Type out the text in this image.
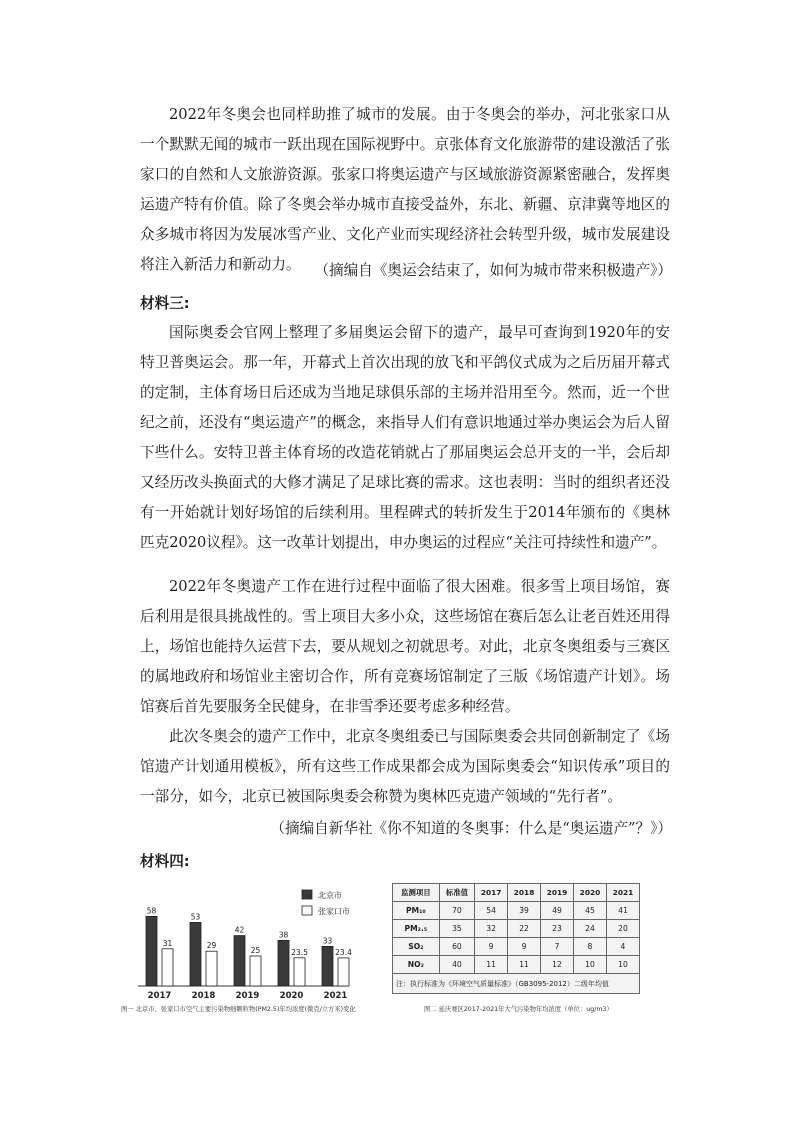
2022年冬奥会也同样助推了城市的发展。由于冬奥会的举办，河北张家口从一个默默无闻的城市一跃出现在国际视野中。京张体育文化旅游带的建设激活了张家口的自然和人文旅游资源。张家口将奥运遗产与区域旅游资源紧密融合，发挥奥运遗产特有价值。除了冬奥会举办城市直接受益外，东北、新疆、京津冀等地区的众多城市将因为发展冰雪产业、文化产业而实现经济社会转型升级，城市发展建设将注入新活力和新动力。 （摘编自《奥运会结束了，如何为城市带来积极遗产》）

材料三:

国际奥委会官网上整理了多届奥运会留下的遗产，最早可查询到1920年的安特卫普奥运会。那一年，开幕式上首次出现的放飞和平鸽仪式成为之后历届开幕式的定制，主体育场日后还成为当地足球俱乐部的主场并沿用至今。然而，近一个世纪之前，还没有“奥运遗产”的概念，来指导人们有意识地通过举办奥运会为后人留下些什么。安特卫普主体育场的改造花销就占了那届奥运会总开支的一半，会后却又经历改头换面式的大修才满足了足球比赛的需求。这也表明：当时的组织者还没有一开始就计划好场馆的后续利用。里程碑式的转折发生于2014年颁布的《奥林匹克2020议程》。这一改革计划提出，申办奥运的过程应“关注可持续性和遗产”。

2022年冬奥遗产工作在进行过程中面临了很大困难。很多雪上项目场馆，赛后利用是很具挑战性的。雪上项目大多小众，这些场馆在赛后怎么让老百姓还用得上，场馆也能持久运营下去，要从规划之初就思考。对此，北京冬奥组委与三赛区的属地政府和场馆业主密切合作，所有竞赛场馆制定了三版《场馆遗产计划》。场馆赛后首先要服务全民健身，在非雪季还要考虑多种经营。

此次冬奥会的遗产工作中，北京冬奥组委已与国际奥委会共同创新制定了《场馆遗产计划通用模板》，所有这些工作成果都会成为国际奥委会“知识传承”项目的一部分，如今，北京已被国际奥委会称赞为奥林匹克遗产领域的“先行者”。

（摘编自新华社《你不知道的冬奥事：什么是“奥运遗产”？》）

材料四:

58
31
2017
53
29
2018
42
25
2019
38
23.5
2020
33
23.4
2021
北京市
张家口市
图一 北京市、张家口市空气主要污染物细颗粒物(PM2.5)年均浓度(微克/立方米)变化
监测项目	标准值	2017	2018	2019	2020	2021
PM₁₀	70	54	39	49	45	41
PM₂.₅	35	32	22	23	24	20
SO₂	60	9	9	7	8	4
NO₂	40	11	11	12	10	10
注：执行标准为《环境空气质量标准》（GB3095-2012）二级年均值						
图二 延庆赛区2017-2021年大气污染物年均浓度（单位：ug/m3）
